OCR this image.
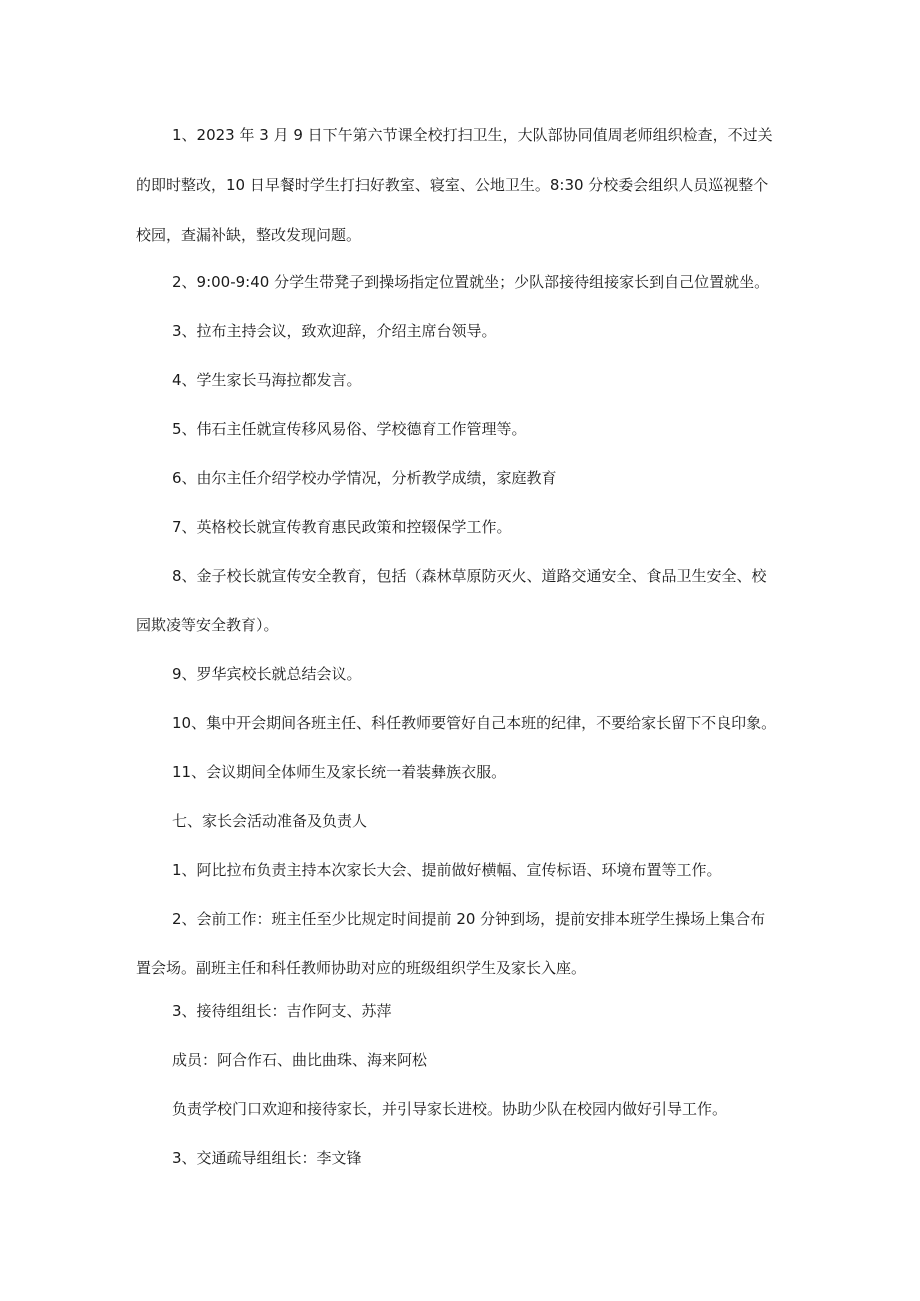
1、2023 年 3 月 9 日下午第六节课全校打扫卫生，大队部协同值周老师组织检查，不过关
的即时整改，10 日早餐时学生打扫好教室、寝室、公地卫生。8:30 分校委会组织人员巡视整个
校园，查漏补缺，整改发现问题。
2、9:00-9:40 分学生带凳子到操场指定位置就坐；少队部接待组接家长到自己位置就坐。
3、拉布主持会议，致欢迎辞，介绍主席台领导。
4、学生家长马海拉都发言。
5、伟石主任就宣传移风易俗、学校德育工作管理等。
6、由尔主任介绍学校办学情况，分析教学成绩，家庭教育
7、英格校长就宣传教育惠民政策和控辍保学工作。
8、金子校长就宣传安全教育，包括（森林草原防灭火、道路交通安全、食品卫生安全、校
园欺凌等安全教育）。
9、罗华宾校长就总结会议。
10、集中开会期间各班主任、科任教师要管好自己本班的纪律，不要给家长留下不良印象。
11、会议期间全体师生及家长统一着装彝族衣服。
七、家长会活动准备及负责人
1、阿比拉布负责主持本次家长大会、提前做好横幅、宣传标语、环境布置等工作。
2、会前工作：班主任至少比规定时间提前 20 分钟到场，提前安排本班学生操场上集合布
置会场。副班主任和科任教师协助对应的班级组织学生及家长入座。
3、接待组组长：吉作阿支、苏萍
成员：阿合作石、曲比曲珠、海来阿松
负责学校门口欢迎和接待家长，并引导家长进校。协助少队在校园内做好引导工作。
3、交通疏导组组长：李文锋
